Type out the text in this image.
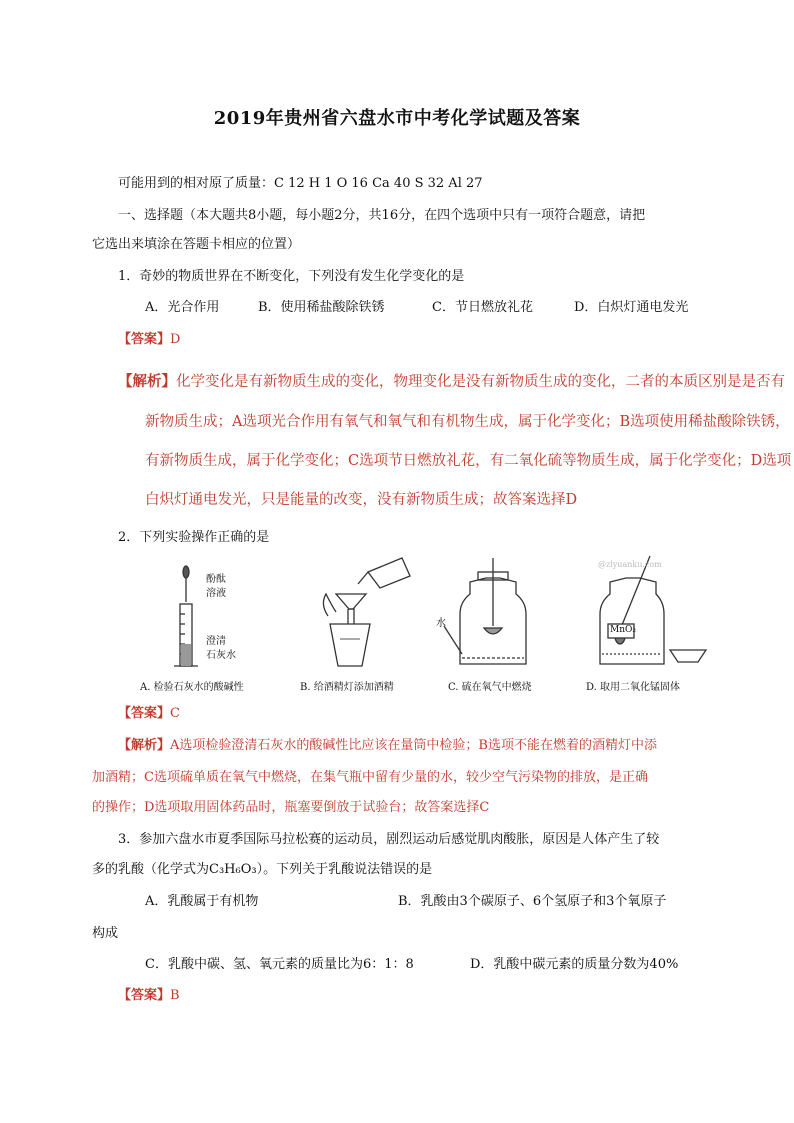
2019年贵州省六盘水市中考化学试题及答案
可能用到的相对原了质量：C 12 H 1 O 16 Ca 40 S 32 Al 27
一、选择题（本大题共8小题，每小题2分，共16分，在四个选项中只有一项符合题意，请把
它选出来填涂在答题卡相应的位置）
1．奇妙的物质世界在不断变化，下列没有发生化学变化的是
A．光合作用	B．使用稀盐酸除铁锈	C．节日燃放礼花	D．白炽灯通电发光
【答案】D
【解析】化学变化是有新物质生成的变化，物理变化是没有新物质生成的变化，二者的本质区别是是否有
新物质生成；A选项光合作用有氧气和氧气和有机物生成，属于化学变化；B选项使用稀盐酸除铁锈，
有新物质生成，属于化学变化；C选项节日燃放礼花，有二氧化硫等物质生成，属于化学变化；D选项
白炽灯通电发光，只是能量的改变，没有新物质生成；故答案选择D
2．下列实验操作正确的是
@zlyuanku.com
酚酞
溶液
澄清
石灰水
水
MnO₂
A. 检验石灰水的酸碱性	B. 给酒精灯添加酒精	C. 硫在氧气中燃烧	D. 取用二氧化锰固体
【答案】C
【解析】A选项检验澄清石灰水的酸碱性比应该在量筒中检验；B选项不能在燃着的酒精灯中添
加酒精；C选项硫单质在氧气中燃烧，在集气瓶中留有少量的水，较少空气污染物的排放，是正确
的操作；D选项取用固体药品时，瓶塞要倒放于试验台；故答案选择C
3．参加六盘水市夏季国际马拉松赛的运动员，剧烈运动后感觉肌肉酸胀，原因是人体产生了较
多的乳酸（化学式为C₃H₆O₃）。下列关于乳酸说法错误的是
A．乳酸属于有机物	B．乳酸由3个碳原子、6个氢原子和3个氧原子
构成
C．乳酸中碳、氢、氧元素的质量比为6：1：8	D．乳酸中碳元素的质量分数为40%
【答案】B
